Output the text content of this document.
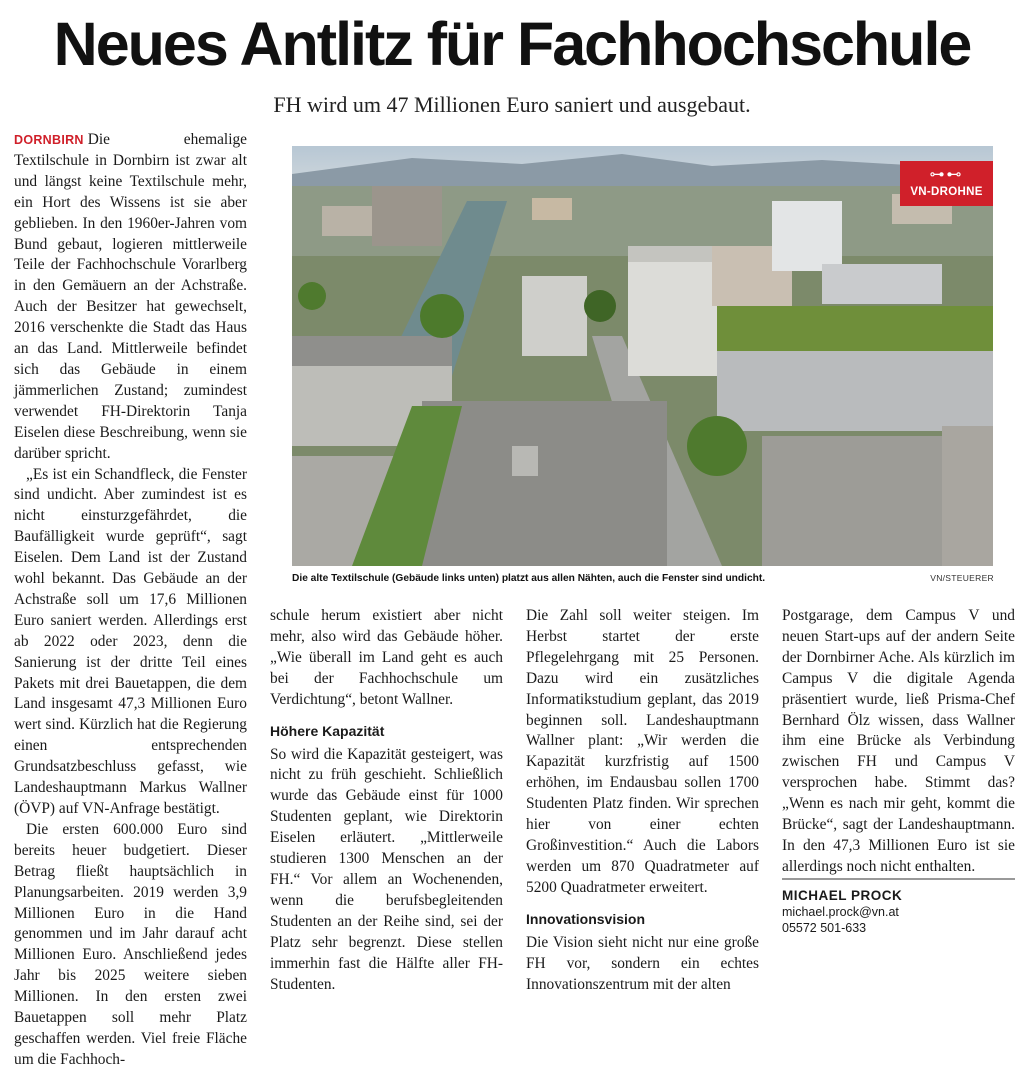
Neues Antlitz für Fachhochschule
FH wird um 47 Millionen Euro saniert und ausgebaut.

DORNBIRN Die ehemalige Textilschule in Dornbirn ist zwar alt und längst keine Textilschule mehr, ein Hort des Wissens ist sie aber geblieben. In den 1960er-Jahren vom Bund gebaut, logieren mittlerweile Teile der Fachhochschule Vorarlberg in den Gemäuern an der Achstraße. Auch der Besitzer hat gewechselt, 2016 verschenkte die Stadt das Haus an das Land. Mittlerweile befindet sich das Gebäude in einem jämmerlichen Zustand; zumindest verwendet FH-Direktorin Tanja Eiselen diese Beschreibung, wenn sie darüber spricht.

„Es ist ein Schandfleck, die Fenster sind undicht. Aber zumindest ist es nicht einsturzgefährdet, die Baufälligkeit wurde geprüft“, sagt Eiselen. Dem Land ist der Zustand wohl bekannt. Das Gebäude an der Achstraße soll um 17,6 Millionen Euro saniert werden. Allerdings erst ab 2022 oder 2023, denn die Sanierung ist der dritte Teil eines Pakets mit drei Bauetappen, die dem Land insgesamt 47,3 Millionen Euro wert sind. Kürzlich hat die Regierung einen entsprechenden Grundsatzbeschluss gefasst, wie Landeshauptmann Markus Wallner (ÖVP) auf VN-Anfrage bestätigt.

Die ersten 600.000 Euro sind bereits heuer budgetiert. Dieser Betrag fließt hauptsächlich in Planungsarbeiten. 2019 werden 3,9 Millionen Euro in die Hand genommen und im Jahr darauf acht Millionen Euro. Anschließend jedes Jahr bis 2025 weitere sieben Millionen. In den ersten zwei Bauetappen soll mehr Platz geschaffen werden. Viel freie Fläche um die Fachhoch-

⊶⊷
VN-DROHNE
Die alte Textilschule (Gebäude links unten) platzt aus allen Nähten, auch die Fenster sind undicht.	VN/STEUERER

schule herum existiert aber nicht mehr, also wird das Gebäude höher. „Wie überall im Land geht es auch bei der Fachhochschule um Verdichtung“, betont Wallner.

Höhere Kapazität

So wird die Kapazität gesteigert, was nicht zu früh geschieht. Schließlich wurde das Gebäude einst für 1000 Studenten geplant, wie Direktorin Eiselen erläutert. „Mittlerweile studieren 1300 Menschen an der FH.“ Vor allem an Wochenenden, wenn die berufsbegleitenden Studenten an der Reihe sind, sei der Platz sehr begrenzt. Diese stellen immerhin fast die Hälfte aller FH-Studenten.

Die Zahl soll weiter steigen. Im Herbst startet der erste Pflegelehrgang mit 25 Personen. Dazu wird ein zusätzliches Informatikstudium geplant, das 2019 beginnen soll. Landeshauptmann Wallner plant: „Wir werden die Kapazität kurzfristig auf 1500 erhöhen, im Endausbau sollen 1700 Studenten Platz finden. Wir sprechen hier von einer echten Großinvestition.“ Auch die Labors werden um 870 Quadratmeter auf 5200 Quadratmeter erweitert.

Innovationsvision

Die Vision sieht nicht nur eine große FH vor, sondern ein echtes Innovationszentrum mit der alten

Postgarage, dem Campus V und neuen Start-ups auf der andern Seite der Dornbirner Ache. Als kürzlich im Campus V die digitale Agenda präsentiert wurde, ließ Prisma-Chef Bernhard Ölz wissen, dass Wallner ihm eine Brücke als Verbindung zwischen FH und Campus V versprochen habe. Stimmt das? „Wenn es nach mir geht, kommt die Brücke“, sagt der Landeshauptmann. In den 47,3 Millionen Euro ist sie allerdings noch nicht enthalten.

MICHAEL PROCK
michael.prock@vn.at
05572 501-633
